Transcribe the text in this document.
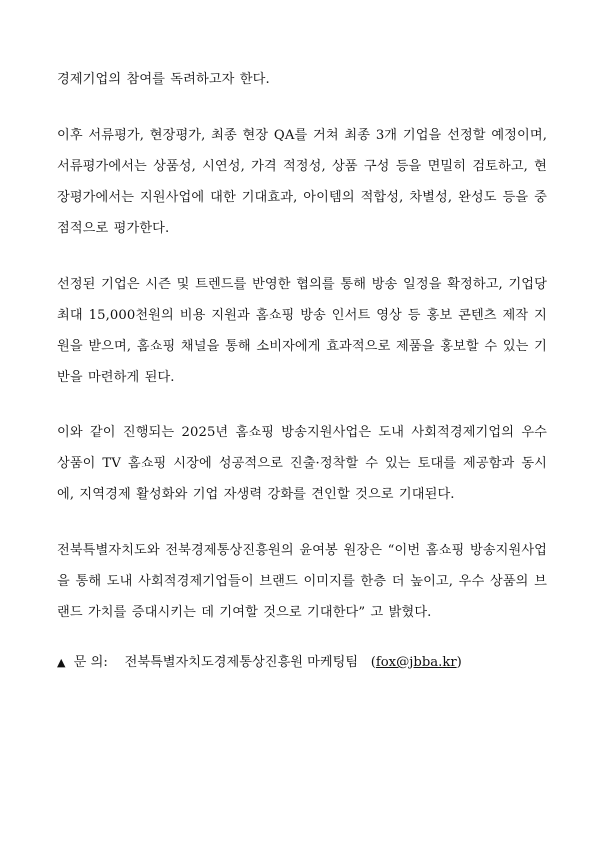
경제기업의 참여를 독려하고자 한다.

이후 서류평가, 현장평가, 최종 현장 QA를 거쳐 최종 3개 기업을 선정할 예정이며, 서류평가에서는 상품성, 시연성, 가격 적정성, 상품 구성 등을 면밀히 검토하고, 현장평가에서는 지원사업에 대한 기대효과, 아이템의 적합성, 차별성, 완성도 등을 중점적으로 평가한다.

선정된 기업은 시즌 및 트렌드를 반영한 협의를 통해 방송 일정을 확정하고, 기업당 최대 15,000천원의 비용 지원과 홈쇼핑 방송 인서트 영상 등 홍보 콘텐츠 제작 지원을 받으며, 홈쇼핑 채널을 통해 소비자에게 효과적으로 제품을 홍보할 수 있는 기반을 마련하게 된다.

이와 같이 진행되는 2025년 홈쇼핑 방송지원사업은 도내 사회적경제기업의 우수 상품이 TV 홈쇼핑 시장에 성공적으로 진출·정착할 수 있는 토대를 제공함과 동시에, 지역경제 활성화와 기업 자생력 강화를 견인할 것으로 기대된다.

전북특별자치도와 전북경제통상진흥원의 윤여봉 원장은 “이번 홈쇼핑 방송지원사업을 통해 도내 사회적경제기업들이 브랜드 이미지를 한층 더 높이고, 우수 상품의 브랜드 가치를 증대시키는 데 기여할 것으로 기대한다” 고 밝혔다.

▲ 문 의: 전북특별자치도경제통상진흥원 마케팅팀 (fox@jbba.kr)
